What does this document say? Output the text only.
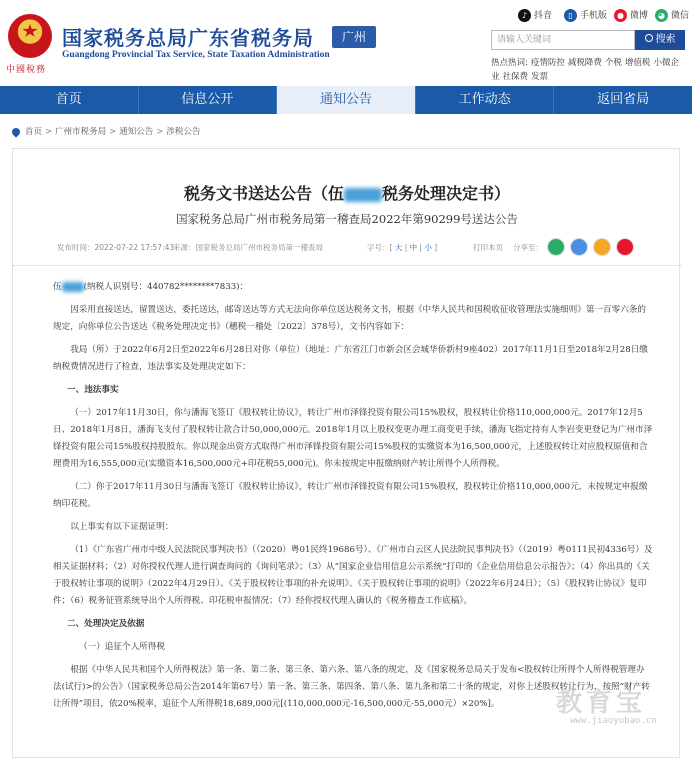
中國稅務
国家税务总局广东省税务局
Guangdong Provincial Tax Service, State Taxation Administration
广州
♪ 抖音	▯ 手机版	● 微博	◕ 微信
请输入关键词	搜索
热点热词: 疫情防控 减税降费 个税 增值税 小微企业 社保费 发票
首页	信息公开	通知公告	工作动态	返回省局
首页 > 广州市税务局 > 通知公告 > 涉税公告
税务文书送达公告（伍 税务处理决定书）
国家税务总局广州市税务局第一稽查局2022年第90299号送达公告
发布时间：2022-07-22 17:57:43
来源：国家税务总局广州市税务局第一稽查局	字号：[ 大 | 中 | 小 ]	打印本页 分享至：

伍	(纳税人识别号：440782********7833)：

因采用直接送达，留置送达，委托送达，邮寄送达等方式无法向你单位送达税务文书，根据《中华人民共和国税收征收管理法实施细则》第一百零六条的规定，向你单位公告送达《税务处理决定书》（穗税一稽处〔2022〕378号），文书内容如下：

我局（所）于2022年6月2日至2022年6月28日对你（单位）（地址：广东省江门市新会区会城华侨新村9座402）2017年11月1日至2018年2月28日缴纳税费情况进行了检查，违法事实及处理决定如下：

一、违法事实

（一）2017年11月30日，你与潘海飞签订《股权转让协议》，转让广州市泽锋投资有限公司15%股权，股权转让价格110,000,000元。2017年12月5日、2018年1月8日，潘海飞支付了股权转让款合计50,000,000元。2018年1月以上股权变更办理工商变更手续，潘海飞指定持有人李岩变更登记为广州市泽锋投资有限公司15%股权持股股东。你以现金出资方式取得广州市泽锋投资有限公司15%股权的实缴资本为16,500,000元，上述股权转让对应股权原值和合理费用为16,555,000元(实缴资本16,500,000元+印花税55,000元)。你未按规定申报缴纳财产转让所得个人所得税。

（二）你于2017年11月30日与潘海飞签订《股权转让协议》，转让广州市泽锋投资有限公司15%股权，股权转让价格110,000,000元，未按规定申报缴纳印花税。

以上事实有以下证据证明：

（1）《广东省广州市中级人民法院民事判决书》（（2020）粤01民终19686号）、《广州市白云区人民法院民事判决书》（（2019）粤0111民初4336号）及相关证据材料；（2）对你授权代理人进行调查询问的《询问笔录》；（3）从“国家企业信用信息公示系统”打印的《企业信用信息公示报告》；（4）你出具的《关于股权转让事项的说明》（2022年4月29日）、《关于股权转让事项的补充说明》、《关于股权转让事项的说明》（2022年6月24日）；（5）《股权转让协议》复印件；（6）税务征管系统导出个人所得税、印花税申报情况；（7）经你授权代理人确认的《税务稽查工作底稿》。

二、处理决定及依据

（一）追征个人所得税

根据《中华人民共和国个人所得税法》第一条、第二条、第三条、第六条、第八条的规定，及《国家税务总局关于发布<股权转让所得个人所得税管理办法(试行)>的公告》（国家税务总局公告2014年第67号）第一条、第三条、第四条、第八条、第九条和第二十条的规定，对你上述股权转让行为，按照“财产转让所得”项目，依20%税率，追征个人所得税18,689,000元[(110,000,000元-16,500,000元-55,000元）×20%]。	教育宝
www.jiaoyubao.cn
